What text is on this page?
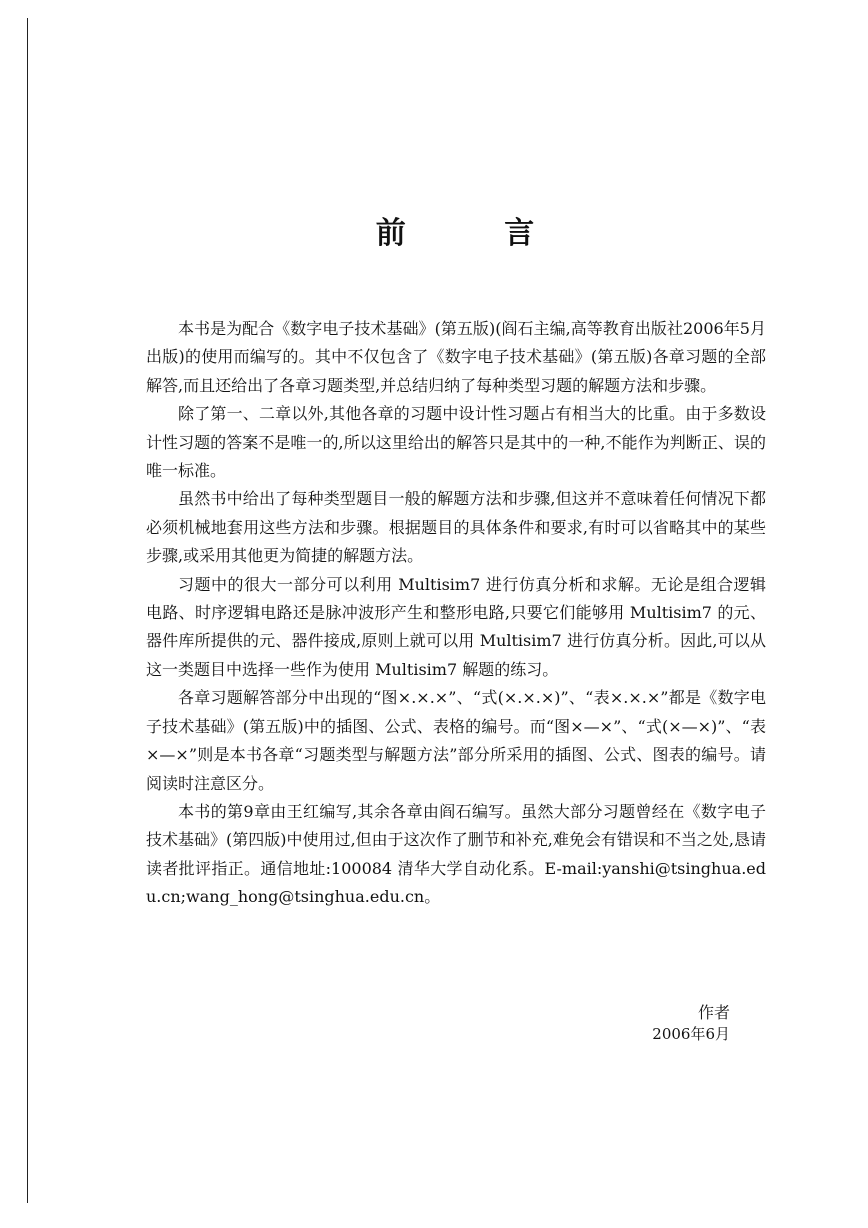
前 言

本书是为配合《数字电子技术基础》(第五版)(阎石主编,高等教育出版社2006年5月出版)的使用而编写的。其中不仅包含了《数字电子技术基础》(第五版)各章习题的全部解答,而且还给出了各章习题类型,并总结归纳了每种类型习题的解题方法和步骤。

除了第一、二章以外,其他各章的习题中设计性习题占有相当大的比重。由于多数设计性习题的答案不是唯一的,所以这里给出的解答只是其中的一种,不能作为判断正、误的唯一标准。

虽然书中给出了每种类型题目一般的解题方法和步骤,但这并不意味着任何情况下都必须机械地套用这些方法和步骤。根据题目的具体条件和要求,有时可以省略其中的某些步骤,或采用其他更为简捷的解题方法。

习题中的很大一部分可以利用 Multisim7 进行仿真分析和求解。无论是组合逻辑电路、时序逻辑电路还是脉冲波形产生和整形电路,只要它们能够用 Multisim7 的元、器件库所提供的元、器件接成,原则上就可以用 Multisim7 进行仿真分析。因此,可以从这一类题目中选择一些作为使用 Multisim7 解题的练习。

各章习题解答部分中出现的“图×.×.×”、“式(×.×.×)”、“表×.×.×”都是《数字电子技术基础》(第五版)中的插图、公式、表格的编号。而“图×—×”、“式(×—×)”、“表×—×”则是本书各章“习题类型与解题方法”部分所采用的插图、公式、图表的编号。请阅读时注意区分。

本书的第9章由王红编写,其余各章由阎石编写。虽然大部分习题曾经在《数字电子技术基础》(第四版)中使用过,但由于这次作了删节和补充,难免会有错误和不当之处,恳请读者批评指正。通信地址:100084 清华大学自动化系。E-mail:yanshi@tsinghua.edu.cn;wang_hong@tsinghua.edu.cn。

作者

2006年6月
